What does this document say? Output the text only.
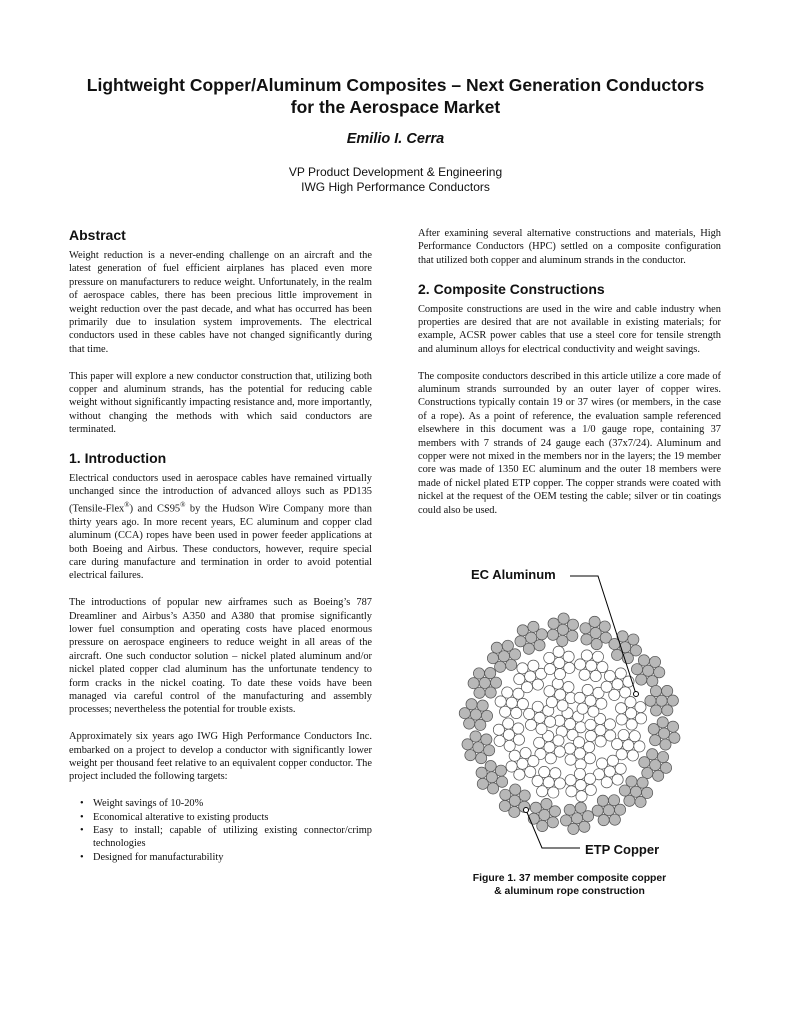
Lightweight Copper/Aluminum Composites – Next Generation Conductors
for the Aerospace Market

Emilio I. Cerra

VP Product Development & Engineering
IWG High Performance Conductors

Abstract

Weight reduction is a never-ending challenge on an aircraft and the latest generation of fuel efficient airplanes has placed even more pressure on manufacturers to reduce weight. Unfortunately, in the realm of aerospace cables, there has been precious little improvement in weight reduction over the past decade, and what has occurred has been primarily due to insulation system improvements. The electrical conductors used in these cables have not changed significantly during that time.

This paper will explore a new conductor construction that, utilizing both copper and aluminum strands, has the potential for reducing cable weight without significantly impacting resistance and, more importantly, without changing the methods with which said conductors are terminated.

1. Introduction

Electrical conductors used in aerospace cables have remained virtually unchanged since the introduction of advanced alloys such as PD135 (Tensile-Flex®) and CS95® by the Hudson Wire Company more than thirty years ago. In more recent years, EC aluminum and copper clad aluminum (CCA) ropes have been used in power feeder applications at both Boeing and Airbus. These conductors, however, require special care during manufacture and termination in order to avoid potential electrical failures.

The introductions of popular new airframes such as Boeing’s 787 Dreamliner and Airbus’s A350 and A380 that promise significantly lower fuel consumption and operating costs have placed enormous pressure on aerospace engineers to reduce weight in all areas of the aircraft. One such conductor solution – nickel plated aluminum and/or nickel plated copper clad aluminum has the unfortunate tendency to form cracks in the nickel coating. To date these voids have been managed via careful control of the manufacturing and assembly processes; nevertheless the potential for trouble exists.

Approximately six years ago IWG High Performance Conductors Inc. embarked on a project to develop a conductor with significantly lower weight per thousand feet relative to an equivalent copper conductor. The project included the following targets:

• Weight savings of 10-20%
• Economical alterative to existing products
• Easy to install; capable of utilizing existing connector/crimp technologies
• Designed for manufacturability

After examining several alternative constructions and materials, High Performance Conductors (HPC) settled on a composite configuration that utilized both copper and aluminum strands in the conductor.

2. Composite Constructions

Composite constructions are used in the wire and cable industry when properties are desired that are not available in existing materials; for example, ACSR power cables that use a steel core for tensile strength and aluminum alloys for electrical conductivity and weight savings.

The composite conductors described in this article utilize a core made of aluminum strands surrounded by an outer layer of copper wires. Constructions typically contain 19 or 37 wires (or members, in the case of a rope). As a point of reference, the evaluation sample referenced elsewhere in this document was a 1/0 gauge rope, containing 37 members with 7 strands of 24 gauge each (37x7/24). Aluminum and copper were not mixed in the members nor in the layers; the 19 member core was made of 1350 EC aluminum and the outer 18 members were made of nickel plated ETP copper. The copper strands were coated with nickel at the request of the OEM testing the cable; silver or tin coatings could also be used.

EC Aluminum

ETP Copper

Figure 1. 37 member composite copper
& aluminum rope construction
